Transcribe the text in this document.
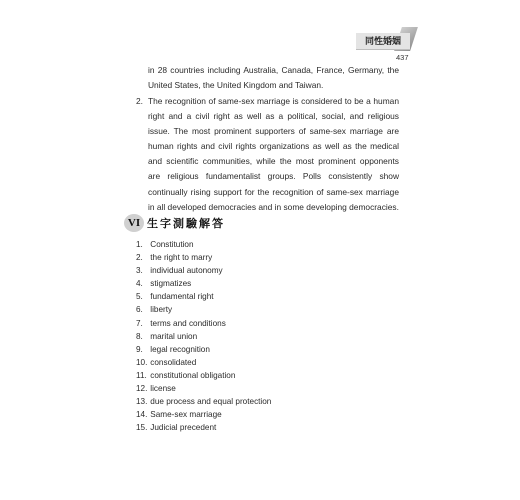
同性婚姻
437

in 28 countries including Australia, Canada, France, Germany, the United States, the United Kingdom and Taiwan.

2. The recognition of same-sex marriage is considered to be a human right and a civil right as well as a political, social, and religious issue. The most prominent supporters of same-sex marriage are human rights and civil rights organizations as well as the medical and scientific communities, while the most prominent opponents are religious fundamentalist groups. Polls consistently show continually rising support for the recognition of same-sex marriage in all developed democracies and in some developing democracies.

VI 生字測驗解答
1. Constitution
2. the right to marry
3. individual autonomy
4. stigmatizes
5. fundamental right
6. liberty
7. terms and conditions
8. marital union
9. legal recognition
10. consolidated
11. constitutional obligation
12. license
13. due process and equal protection
14. Same-sex marriage
15. Judicial precedent
